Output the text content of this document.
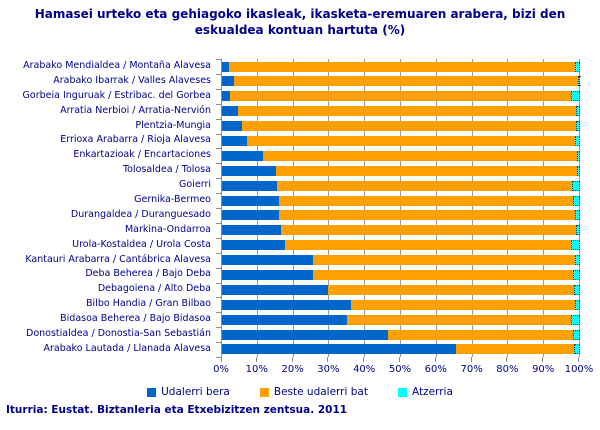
Hamasei urteko eta gehiagoko ikasleak, ikasketa-eremuaren arabera, bizi den eskualdea kontuan hartuta (%)
Arabako Mendialdea / Montaña Alavesa
Arabako Ibarrak / Valles Alaveses
Gorbeia Inguruak / Estribac. del Gorbea
Arratia Nerbioi / Arratia-Nervión
Plentzia-Mungia
Errioxa Arabarra / Rioja Alavesa
Enkartazioak / Encartaciones
Tolosaldea / Tolosa
Goierri
Gernika-Bermeo
Durangaldea / Duranguesado
Markina-Ondarroa
Urola-Kostaldea / Urola Costa
Kantauri Arabarra / Cantábrica Alavesa
Deba Beherea / Bajo Deba
Debagoiena / Alto Deba
Bilbo Handia / Gran Bilbao
Bidasoa Beherea / Bajo Bidasoa
Donostialdea / Donostia-San Sebastián
Arabako Lautada / Llanada Alavesa
0% 10% 20% 30% 40% 50% 60% 70% 80% 90% 100%
Udalerri bera	Beste udalerri bat	Atzerria
Iturria: Eustat. Biztanleria eta Etxebizitzen zentsua. 2011
